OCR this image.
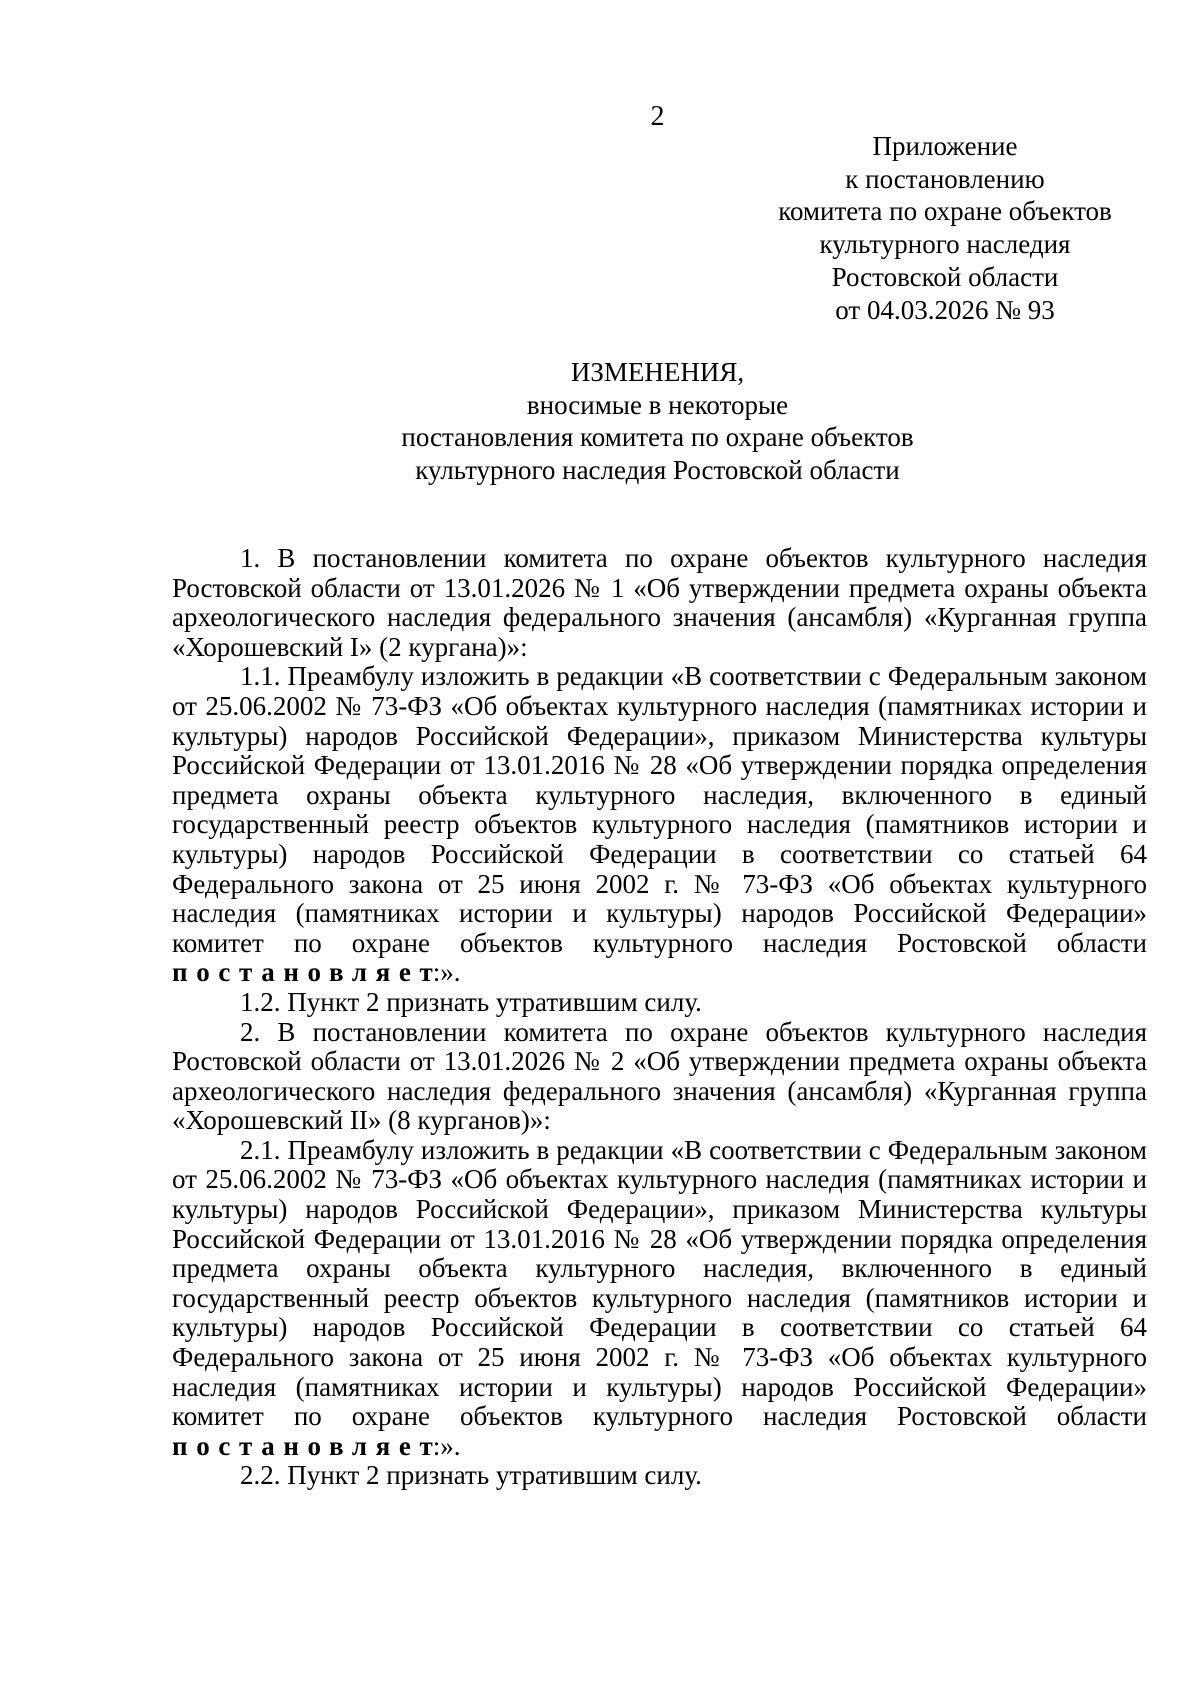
2
Приложение
к постановлению
комитета по охране объектов
культурного наследия
Ростовской области
от 04.03.2026 № 93
ИЗМЕНЕНИЯ,
вносимые в некоторые
постановления комитета по охране объектов
культурного наследия Ростовской области

1. В постановлении комитета по охране объектов культурного наследия Ростовской области от 13.01.2026 № 1 «Об утверждении предмета охраны объекта археологического наследия федерального значения (ансамбля) «Курганная группа «Хорошевский I» (2 кургана)»:

1.1. Преамбулу изложить в редакции «В соответствии с Федеральным законом от 25.06.2002 № 73-ФЗ «Об объектах культурного наследия (памятниках истории и культуры) народов Российской Федерации», приказом Министерства культуры Российской Федерации от 13.01.2016 № 28 «Об утверждении порядка определения предмета охраны объекта культурного наследия, включенного в единый государственный реестр объектов культурного наследия (памятников истории и культуры) народов Российской Федерации в соответствии со статьей 64 Федерального закона от 25 июня 2002 г. № 73-ФЗ «Об объектах культурного наследия (памятниках истории и культуры) народов Российской Федерации» комитет по охране объектов культурного наследия Ростовской области постановляет:».

1.2. Пункт 2 признать утратившим силу.

2. В постановлении комитета по охране объектов культурного наследия Ростовской области от 13.01.2026 № 2 «Об утверждении предмета охраны объекта археологического наследия федерального значения (ансамбля) «Курганная группа «Хорошевский II» (8 курганов)»:

2.1. Преамбулу изложить в редакции «В соответствии с Федеральным законом от 25.06.2002 № 73-ФЗ «Об объектах культурного наследия (памятниках истории и культуры) народов Российской Федерации», приказом Министерства культуры Российской Федерации от 13.01.2016 № 28 «Об утверждении порядка определения предмета охраны объекта культурного наследия, включенного в единый государственный реестр объектов культурного наследия (памятников истории и культуры) народов Российской Федерации в соответствии со статьей 64 Федерального закона от 25 июня 2002 г. № 73-ФЗ «Об объектах культурного наследия (памятниках истории и культуры) народов Российской Федерации» комитет по охране объектов культурного наследия Ростовской области постановляет:».

2.2. Пункт 2 признать утратившим силу.
